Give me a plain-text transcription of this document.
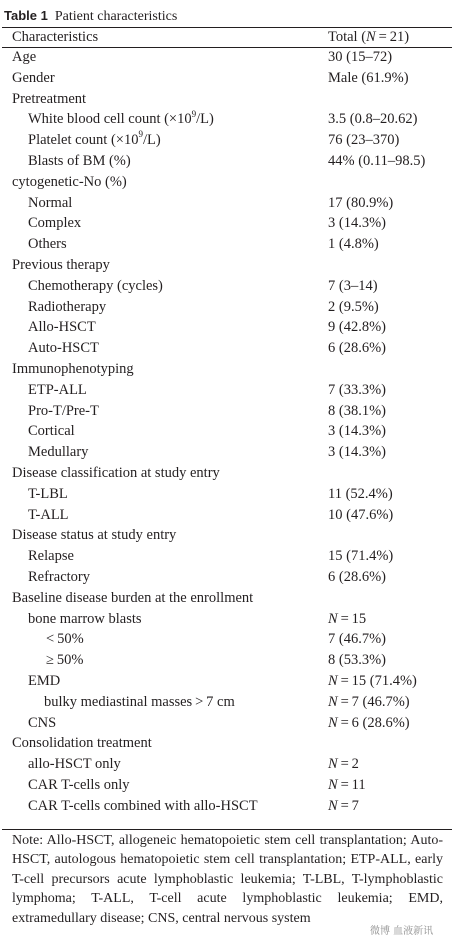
Table 1 Patient characteristics
Characteristics	Total (N = 21)
Age	30 (15–72)
Gender	Male (61.9%)
Pretreatment	
White blood cell count $(\times 10^9/L)$	3.5 (0.8–20.62)
Platelet count $(\times 10^9/L)$	76 (23–370)
Blasts of BM (%)	44% (0.11–98.5)
cytogenetic-No (%)	
Normal	17 (80.9%)
Complex	3 (14.3%)
Others	1 (4.8%)
Previous therapy	
Chemotherapy (cycles)	7 (3–14)
Radiotherapy	2 (9.5%)
Allo-HSCT	9 (42.8%)
Auto-HSCT	6 (28.6%)
Immunophenotyping	
ETP-ALL	7 (33.3%)
Pro-T/Pre-T	8 (38.1%)
Cortical	3 (14.3%)
Medullary	3 (14.3%)
Disease classification at study entry	
T-LBL	11 (52.4%)
T-ALL	10 (47.6%)
Disease status at study entry	
Relapse	15 (71.4%)
Refractory	6 (28.6%)
Baseline disease burden at the enrollment	
bone marrow blasts	N = 15
< 50%	7 (46.7%)
≥ 50%	8 (53.3%)
EMD	N = 15 (71.4%)
bulky mediastinal masses > 7 cm	N = 7 (46.7%)
CNS	N = 6 (28.6%)
Consolidation treatment	
allo-HSCT only	N = 2
CAR T-cells only	N = 11
CAR T-cells combined with allo-HSCT	N = 7
Note: Allo-HSCT, allogeneic hematopoietic stem cell transplantation; Auto-HSCT, autologous hematopoietic stem cell transplantation; ETP-ALL, early T-cell precursors acute lymphoblastic leukemia; T-LBL, T-lymphoblastic lymphoma; T-ALL, T-cell acute lymphoblastic leukemia; EMD, extramedullary disease; CNS, central nervous system
微博 血液新讯
